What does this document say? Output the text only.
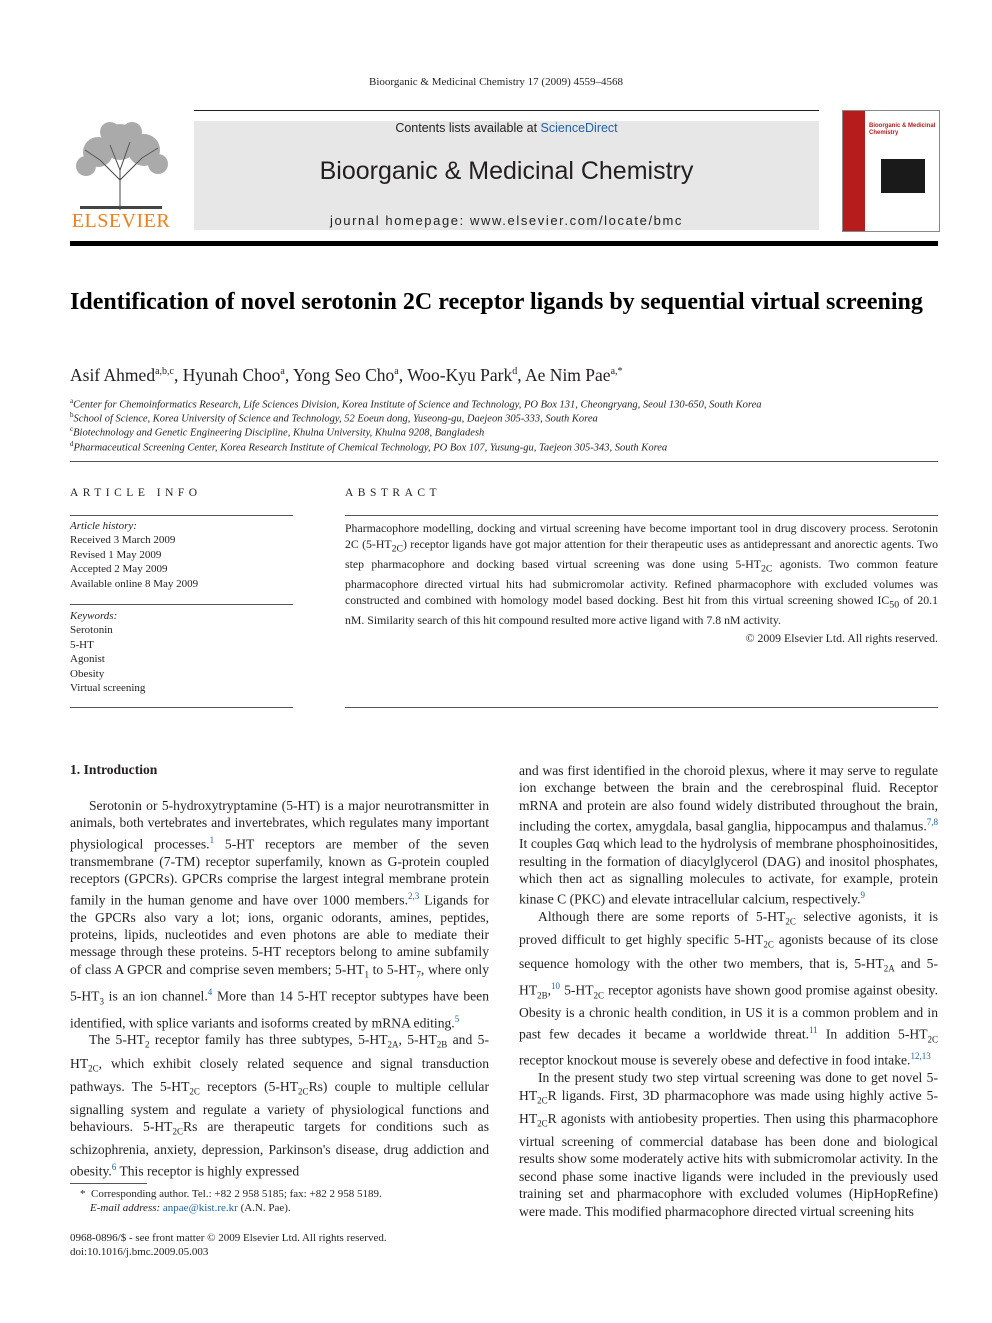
Bioorganic & Medicinal Chemistry 17 (2009) 4559–4568
ELSEVIER
Contents lists available at ScienceDirect
Bioorganic & Medicinal Chemistry
journal homepage: www.elsevier.com/locate/bmc
Bioorganic & Medicinal Chemistry
Identification of novel serotonin 2C receptor ligands by sequential virtual screening
Asif Ahmed$^{a,b,c}$, Hyunah Choo$^a$, Yong Seo Cho$^a$, Woo-Kyu Park$^d$, Ae Nim Pae$^{a,*}$
$^a$Center for Chemoinformatics Research, Life Sciences Division, Korea Institute of Science and Technology, PO Box 131, Cheongryang, Seoul 130-650, South Korea
$^b$School of Science, Korea University of Science and Technology, 52 Eoeun dong, Yuseong-gu, Daejeon 305-333, South Korea
$^c$Biotechnology and Genetic Engineering Discipline, Khulna University, Khulna 9208, Bangladesh
$^d$Pharmaceutical Screening Center, Korea Research Institute of Chemical Technology, PO Box 107, Yusung-gu, Taejeon 305-343, South Korea
ARTICLE INFO	ABSTRACT
Article history:
Received 3 March 2009
Revised 1 May 2009
Accepted 2 May 2009
Available online 8 May 2009
Keywords:
Serotonin
5-HT
Agonist
Obesity
Virtual screening
Pharmacophore modelling, docking and virtual screening have become important tool in drug discovery process. Serotonin 2C $(5-HT_{2C})$ receptor ligands have got major attention for their therapeutic uses as antidepressant and anorectic agents. Two step pharmacophore and docking based virtual screening was done using $5-HT_{2C}$ agonists. Two common feature pharmacophore directed virtual hits had submicromolar activity. Refined pharmacophore with excluded volumes was constructed and combined with homology model based docking. Best hit from this virtual screening showed $IC_{50}$ of 20.1 nM. Similarity search of this hit compound resulted more active ligand with 7.8 nM activity.
© 2009 Elsevier Ltd. All rights reserved.
1. Introduction

Serotonin or 5-hydroxytryptamine (5-HT) is a major neurotransmitter in animals, both vertebrates and invertebrates, which regulates many important physiological processes.$^1$ 5-HT receptors are member of the seven transmembrane (7-TM) receptor superfamily, known as G-protein coupled receptors (GPCRs). GPCRs comprise the largest integral membrane protein family in the human genome and have over 1000 members.$^{2,3}$ Ligands for the GPCRs also vary a lot; ions, organic odorants, amines, peptides, proteins, lipids, nucleotides and even photons are able to mediate their message through these proteins. 5-HT receptors belong to amine subfamily of class A GPCR and comprise seven members; $5-HT_1$ to $5-HT_7$, where only $5-HT_3$ is an ion channel.$^4$ More than 14 5-HT receptor subtypes have been identified, with splice variants and isoforms created by mRNA editing.$^5$

The $5-HT_2$ receptor family has three subtypes, $5-HT_{2A}$, $5-HT_{2B}$ and $5-HT_{2C}$, which exhibit closely related sequence and signal transduction pathways. The $5-HT_{2C}$ receptors $(5-HT_{2C}Rs)$ couple to multiple cellular signalling system and regulate a variety of physiological functions and behaviours. $5-HT_{2C}Rs$ are therapeutic targets for conditions such as schizophrenia, anxiety, depression, Parkinson's disease, drug addiction and obesity.$^6$ This receptor is highly expressed

and was first identified in the choroid plexus, where it may serve to regulate ion exchange between the brain and the cerebrospinal fluid. Receptor mRNA and protein are also found widely distributed throughout the brain, including the cortex, amygdala, basal ganglia, hippocampus and thalamus.$^{7,8}$ It couples Gαq which lead to the hydrolysis of membrane phosphoinositides, resulting in the formation of diacylglycerol (DAG) and inositol phosphates, which then act as signalling molecules to activate, for example, protein kinase C (PKC) and elevate intracellular calcium, respectively.$^9$

Although there are some reports of $5-HT_{2C}$ selective agonists, it is proved difficult to get highly specific $5-HT_{2C}$ agonists because of its close sequence homology with the other two members, that is, $5-HT_{2A}$ and $5-HT_{2B},^{10}$ $5-HT_{2C}$ receptor agonists have shown good promise against obesity. Obesity is a chronic health condition, in US it is a common problem and in past few decades it became a worldwide threat.$^{11}$ In addition $5-HT_{2C}$ receptor knockout mouse is severely obese and defective in food intake.$^{12,13}$

In the present study two step virtual screening was done to get novel $5-HT_{2C}R$ ligands. First, 3D pharmacophore was made using highly active $5-HT_{2C}R$ agonists with antiobesity properties. Then using this pharmacophore virtual screening of commercial database has been done and biological results show some moderately active hits with submicromolar activity. In the second phase some inactive ligands were included in the previously used training set and pharmacophore with excluded volumes (HipHopRefine) were made. This modified pharmacophore directed virtual screening hits

* Corresponding author. Tel.: +82 2 958 5185; fax: +82 2 958 5189.
E-mail address: anpae@kist.re.kr (A.N. Pae).
0968-0896/$ - see front matter © 2009 Elsevier Ltd. All rights reserved.
doi:10.1016/j.bmc.2009.05.003
